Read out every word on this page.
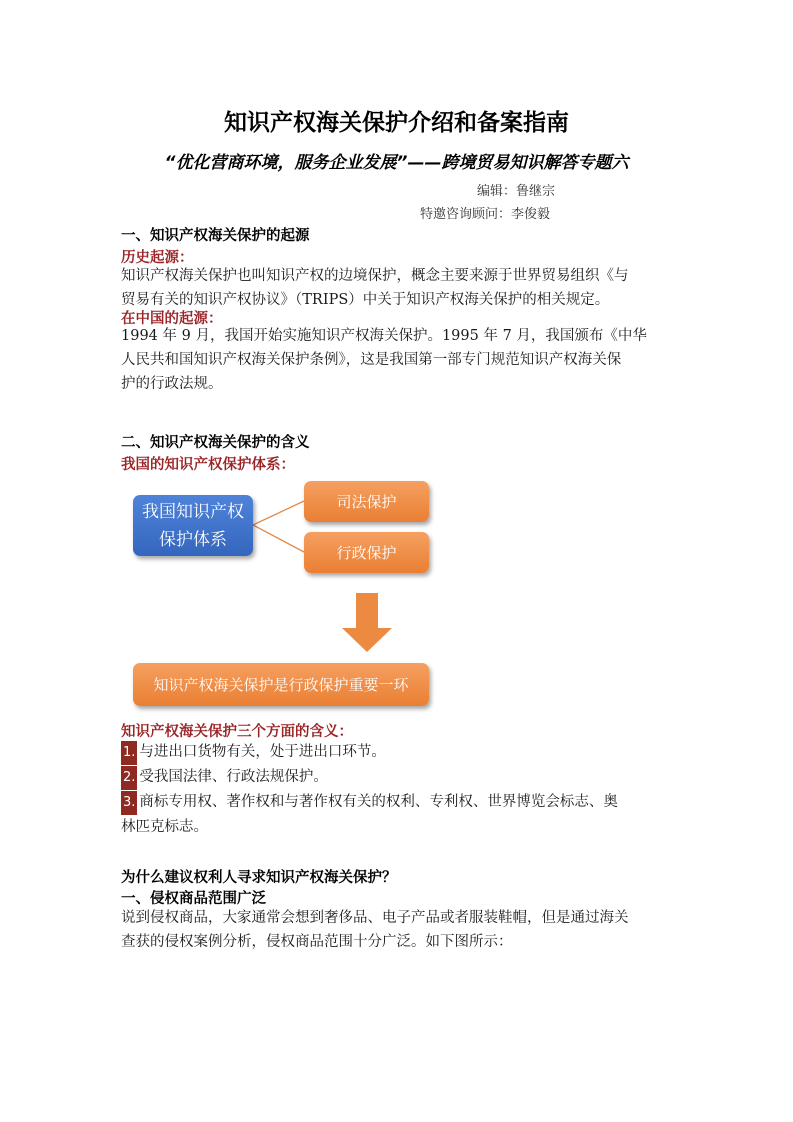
知识产权海关保护介绍和备案指南
“优化营商环境，服务企业发展”——跨境贸易知识解答专题六
编辑：鲁继宗
特邀咨询顾问：李俊毅
一、知识产权海关保护的起源
历史起源：
知识产权海关保护也叫知识产权的边境保护，概念主要来源于世界贸易组织《与
贸易有关的知识产权协议》（TRIPS）中关于知识产权海关保护的相关规定。
在中国的起源：
1994 年 9 月，我国开始实施知识产权海关保护。1995 年 7 月，我国颁布《中华
人民共和国知识产权海关保护条例》，这是我国第一部专门规范知识产权海关保
护的行政法规。
二、知识产权海关保护的含义
我国的知识产权保护体系：
我国知识产权
保护体系
司法保护
行政保护
知识产权海关保护是行政保护重要一环
知识产权海关保护三个方面的含义：
1. 与进出口货物有关，处于进出口环节。
2. 受我国法律、行政法规保护。
3. 商标专用权、著作权和与著作权有关的权利、专利权、世界博览会标志、奥
林匹克标志。
为什么建议权利人寻求知识产权海关保护？
一、侵权商品范围广泛
说到侵权商品，大家通常会想到奢侈品、电子产品或者服装鞋帽，但是通过海关
查获的侵权案例分析，侵权商品范围十分广泛。如下图所示：
